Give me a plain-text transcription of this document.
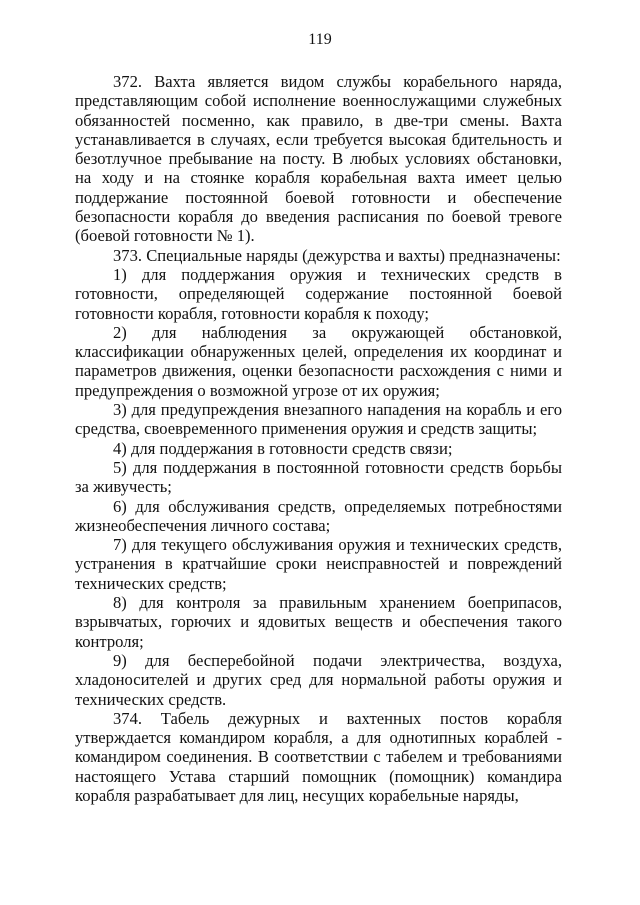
119

372. Вахта является видом службы корабельного наряда, представляющим собой исполнение военнослужащими служебных обязанностей посменно, как правило, в две-три смены. Вахта устанавливается в случаях, если требуется высокая бдительность и безотлучное пребывание на посту. В любых условиях обстановки, на ходу и на стоянке корабля корабельная вахта имеет целью поддержание постоянной боевой готовности и обеспечение безопасности корабля до введения расписания по боевой тревоге (боевой готовности № 1).

373. Специальные наряды (дежурства и вахты) предназначены:

1) для поддержания оружия и технических средств в готовности, определяющей содержание постоянной боевой готовности корабля, готовности корабля к походу;

2) для наблюдения за окружающей обстановкой, классификации обнаруженных целей, определения их координат и параметров движения, оценки безопасности расхождения с ними и предупреждения о возможной угрозе от их оружия;

3) для предупреждения внезапного нападения на корабль и его средства, своевременного применения оружия и средств защиты;

4) для поддержания в готовности средств связи;

5) для поддержания в постоянной готовности средств борьбы за живучесть;

6) для обслуживания средств, определяемых потребностями жизнеобеспечения личного состава;

7) для текущего обслуживания оружия и технических средств, устранения в кратчайшие сроки неисправностей и повреждений технических средств;

8) для контроля за правильным хранением боеприпасов, взрывчатых, горючих и ядовитых веществ и обеспечения такого контроля;

9) для бесперебойной подачи электричества, воздуха, хладоносителей и других сред для нормальной работы оружия и технических средств.

374. Табель дежурных и вахтенных постов корабля утверждается командиром корабля, а для однотипных кораблей - командиром соединения. В соответствии с табелем и требованиями настоящего Устава старший помощник (помощник) командира корабля разрабатывает для лиц, несущих корабельные наряды,
